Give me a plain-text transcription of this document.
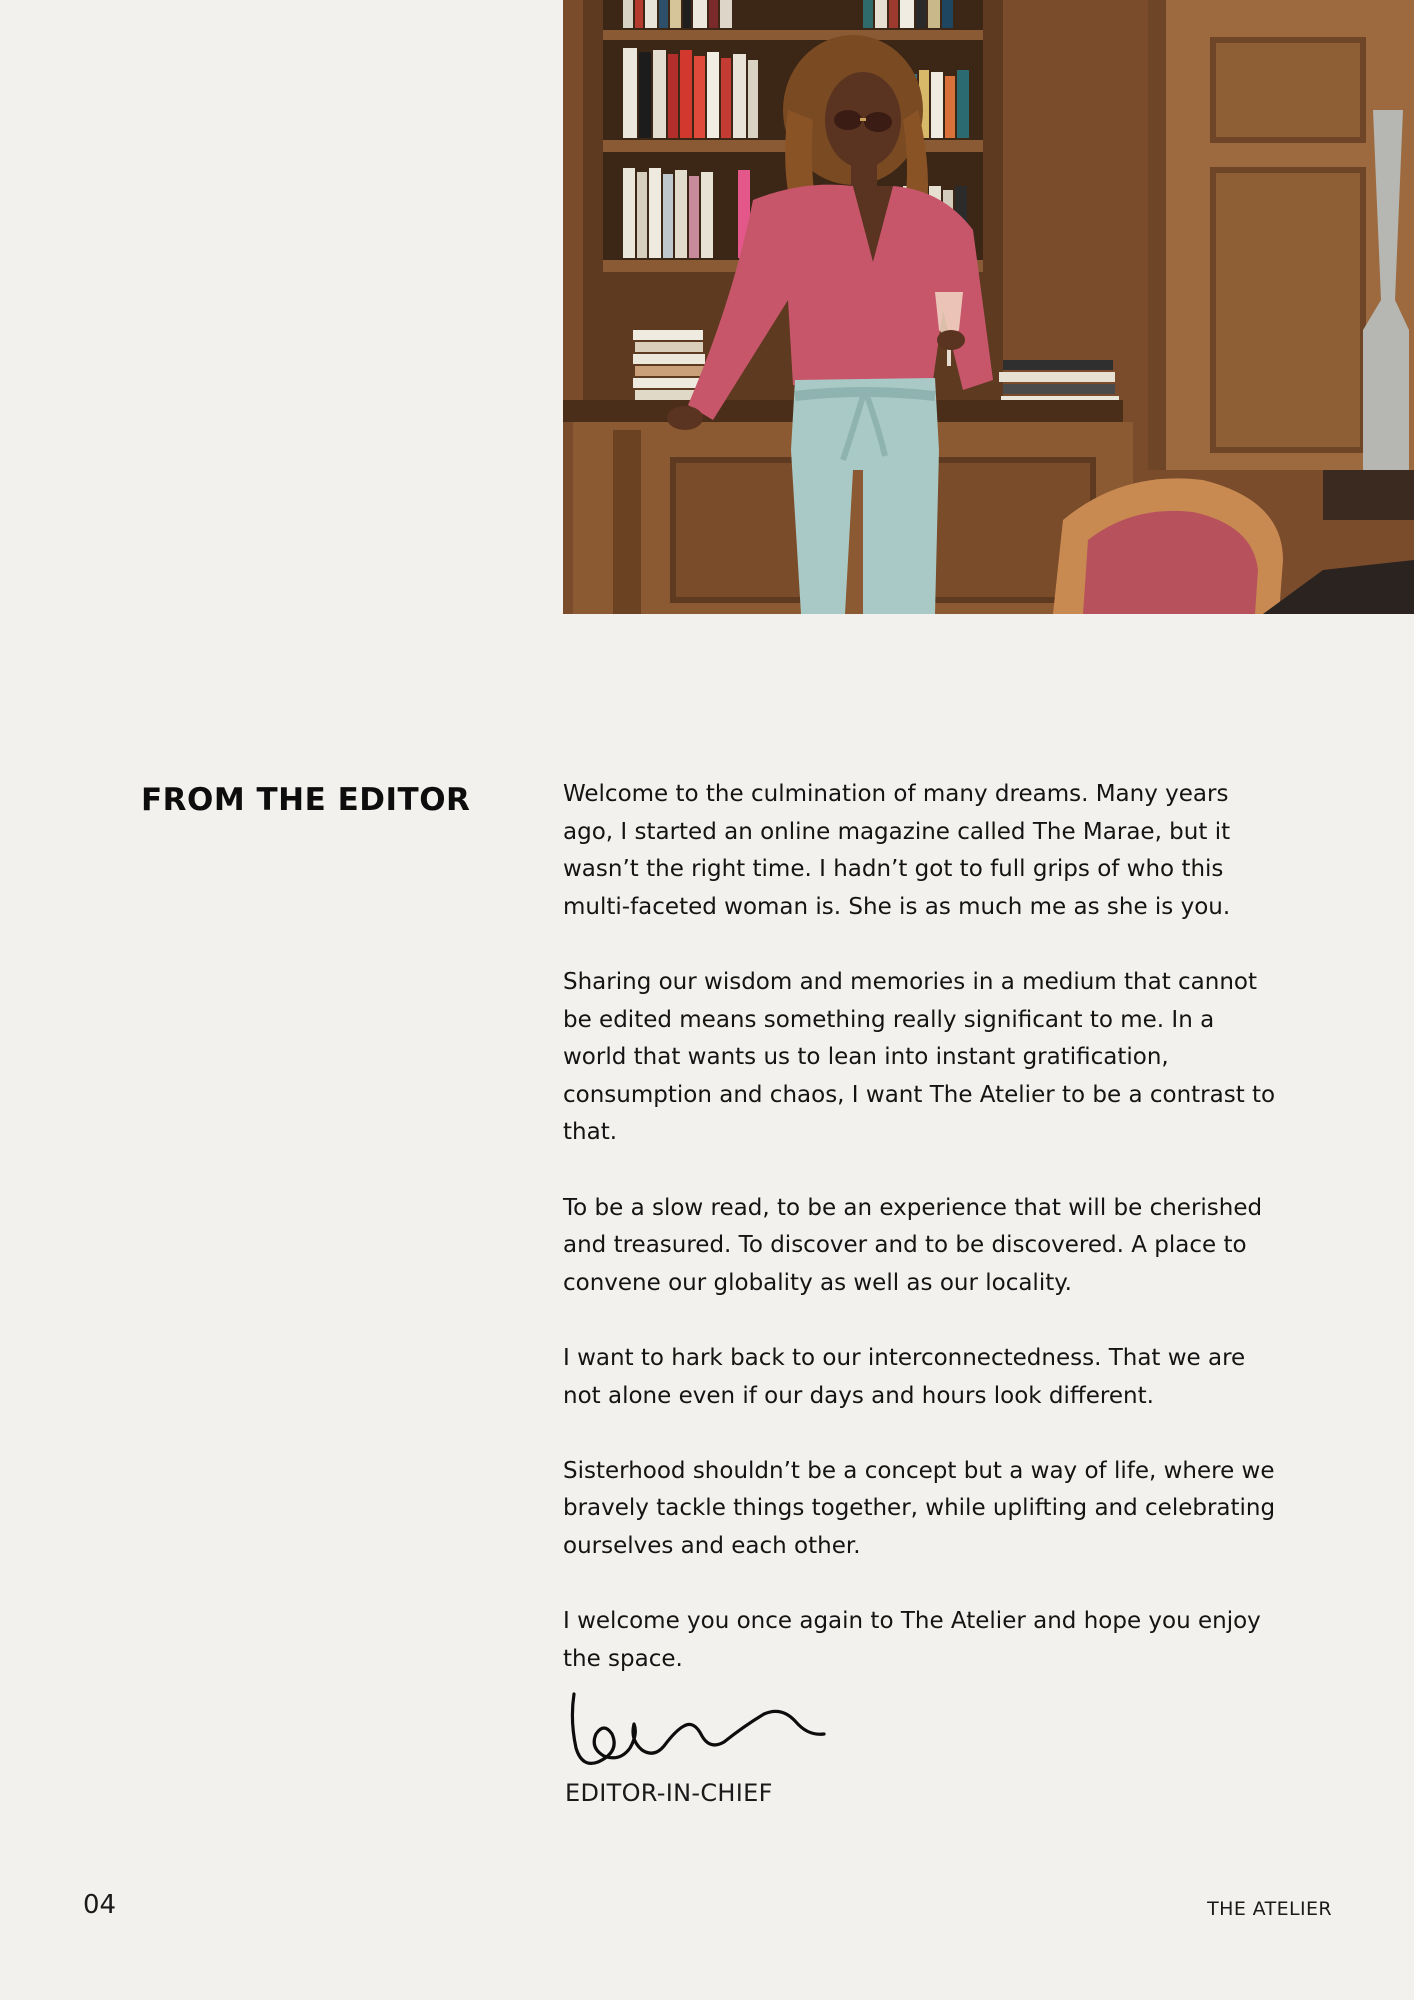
FROM THE EDITOR	Welcome to the culmination of many dreams. Many years ago, I started an online magazine called The Marae, but it wasn’t the right time. I hadn’t got to full grips of who this multi-faceted woman is. She is as much me as she is you.

Sharing our wisdom and memories in a medium that cannot be edited means something really significant to me. In a world that wants us to lean into instant gratification, consumption and chaos, I want The Atelier to be a contrast to that.

To be a slow read, to be an experience that will be cherished and treasured. To discover and to be discovered. A place to convene our globality as well as our locality.

I want to hark back to our interconnectedness. That we are not alone even if our days and hours look different.

Sisterhood shouldn’t be a concept but a way of life, where we bravely tackle things together, while uplifting and celebrating ourselves and each other.

I welcome you once again to The Atelier and hope you enjoy the space.

EDITOR-IN-CHIEF
04	THE ATELIER
